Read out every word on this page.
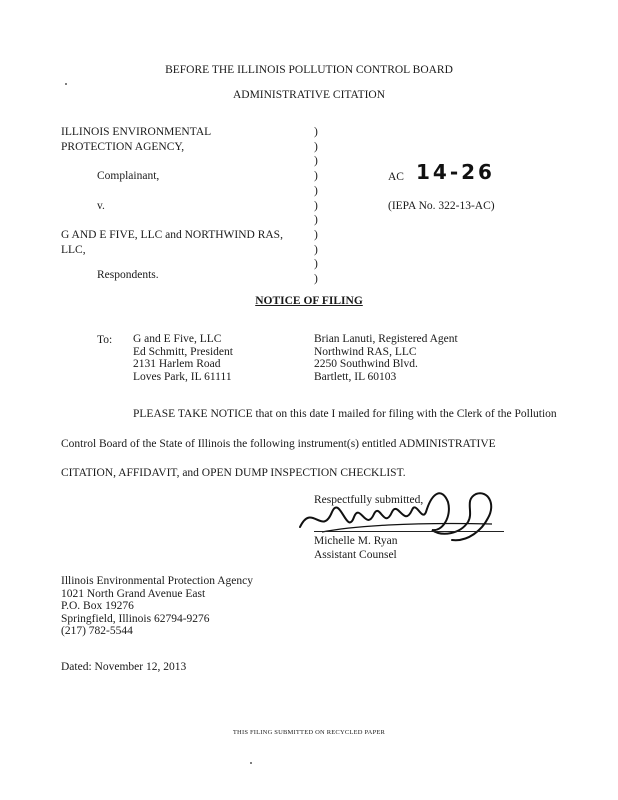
BEFORE THE ILLINOIS POLLUTION CONTROL BOARD
ADMINISTRATIVE CITATION
ILLINOIS ENVIRONMENTAL
PROTECTION AGENCY,
Complainant,
v.
G AND E FIVE, LLC and NORTHWIND RAS,
LLC,
Respondents.
)
)
)
)
)
)
)
)
)
)
)
AC 14-26
(IEPA No. 322-13-AC)
NOTICE OF FILING
To: G and E Five, LLC
Ed Schmitt, President
2131 Harlem Road
Loves Park, IL 61111
Brian Lanuti, Registered Agent
Northwind RAS, LLC
2250 Southwind Blvd.
Bartlett, IL 60103
PLEASE TAKE NOTICE that on this date I mailed for filing with the Clerk of the Pollution
Control Board of the State of Illinois the following instrument(s) entitled ADMINISTRATIVE
CITATION, AFFIDAVIT, and OPEN DUMP INSPECTION CHECKLIST.
Respectfully submitted,
Michelle M. Ryan
Assistant Counsel
Illinois Environmental Protection Agency
1021 North Grand Avenue East
P.O. Box 19276
Springfield, Illinois 62794-9276
(217) 782-5544
Dated: November 12, 2013
THIS FILING SUBMITTED ON RECYCLED PAPER
